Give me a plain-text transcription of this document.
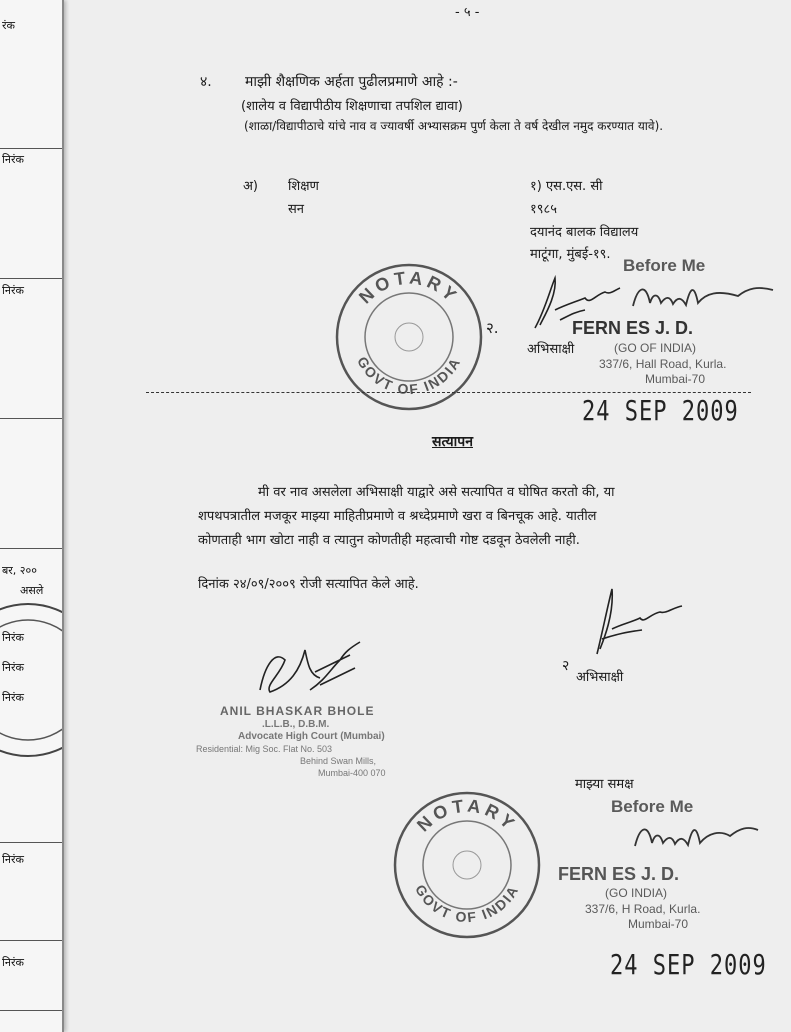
रंक
निरंक
निरंक
बर, २००
असले
निरंक
निरंक
निरंक
निरंक
निरंक
- ५ -
४. माझी शैक्षणिक अर्हता पुढीलप्रमाणे आहे :-
(शालेय व विद्यापीठीय शिक्षणाचा तपशिल द्यावा)
(शाळा/विद्यापीठाचे यांचे नाव व ज्यावर्षी अभ्यासक्रम पुर्ण केला ते वर्ष देखील नमुद करण्यात यावे).
अ) शिक्षण
सन
१) एस.एस. सी
१९८५
दयानंद बालक विद्यालय
माटूंगा, मुंबई-१९.
NOTARY
GOVT OF INDIA
२.
अभिसाक्षी
Before Me
FERN ES J. D.
(GO OF INDIA)
337/6, Hall Road, Kurla.
Mumbai-70
24 SEP 2009
सत्यापन
मी वर नाव असलेला अभिसाक्षी याद्वारे असे सत्यापित व घोषित करतो की, या
शपथपत्रातील मजकूर माझ्या माहितीप्रमाणे व श्रध्देप्रमाणे खरा व बिनचूक आहे. यातील
कोणताही भाग खोटा नाही व त्यातुन कोणतीही महत्वाची गोष्ट दडवून ठेवलेली नाही.
दिनांक २४/०९/२००९ रोजी सत्यापित केले आहे.
२
अभिसाक्षी
ANIL BHASKAR BHOLE
.L.L.B., D.B.M.
Advocate High Court (Mumbai)
Residential: Mig Soc. Flat No. 503
Behind Swan Mills,
Mumbai-400 070
माझ्या समक्ष
Before Me
NOTARY
GOVT OF INDIA
FERN ES J. D.
(GO INDIA)
337/6, H Road, Kurla.
Mumbai-70
24 SEP 2009
